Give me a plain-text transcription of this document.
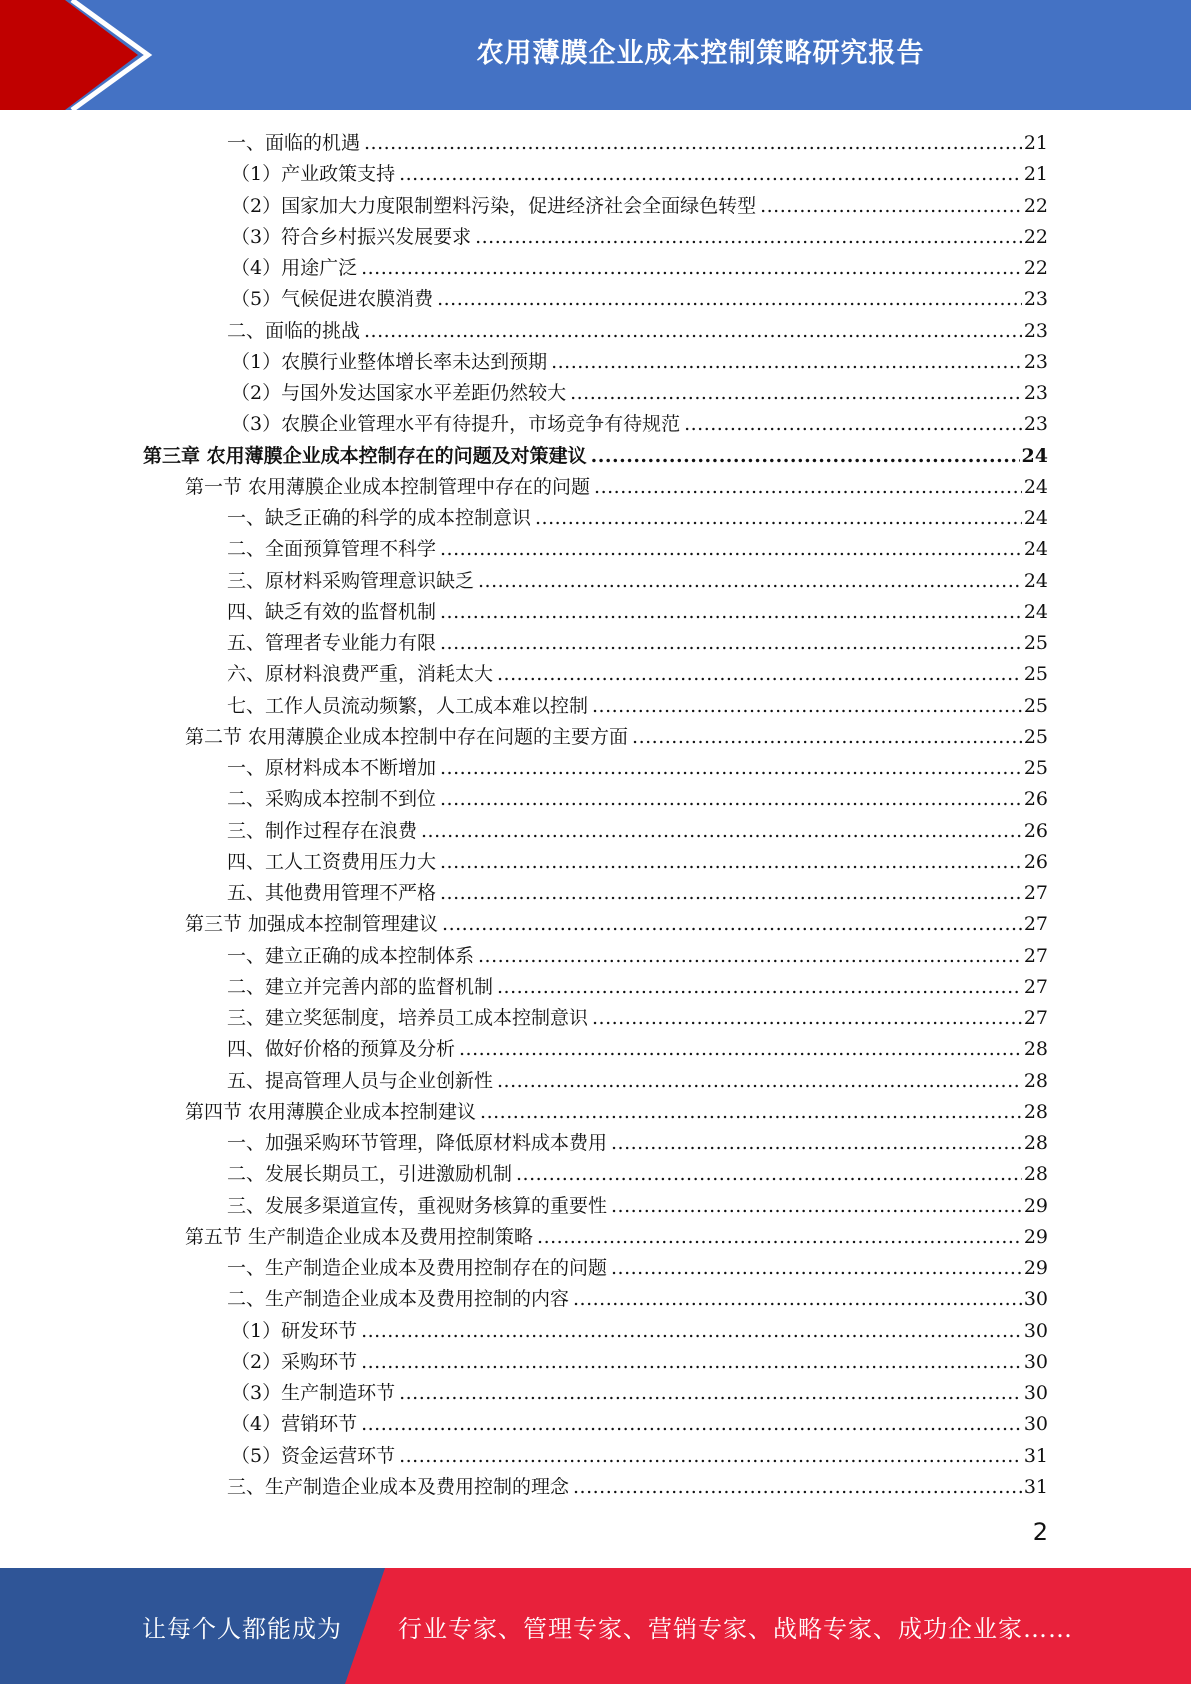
农用薄膜企业成本控制策略研究报告
一、面临的机遇 .....	21
（1）产业政策支持 .....	21
（2）国家加大力度限制塑料污染，促进经济社会全面绿色转型 .....	22
（3）符合乡村振兴发展要求 .....	22
（4）用途广泛 .....	22
（5）气候促进农膜消费 .....	23
二、面临的挑战 .....	23
（1）农膜行业整体增长率未达到预期 .....	23
（2）与国外发达国家水平差距仍然较大 .....	23
（3）农膜企业管理水平有待提升，市场竞争有待规范 .....	23
第三章 农用薄膜企业成本控制存在的问题及对策建议 .....	24
第一节 农用薄膜企业成本控制管理中存在的问题 .....	24
一、缺乏正确的科学的成本控制意识 .....	24
二、全面预算管理不科学 .....	24
三、原材料采购管理意识缺乏 .....	24
四、缺乏有效的监督机制 .....	24
五、管理者专业能力有限 .....	25
六、原材料浪费严重，消耗太大 .....	25
七、工作人员流动频繁，人工成本难以控制 .....	25
第二节 农用薄膜企业成本控制中存在问题的主要方面 .....	25
一、原材料成本不断增加 .....	25
二、采购成本控制不到位 .....	26
三、制作过程存在浪费 .....	26
四、工人工资费用压力大 .....	26
五、其他费用管理不严格 .....	27
第三节 加强成本控制管理建议 .....	27
一、建立正确的成本控制体系 .....	27
二、建立并完善内部的监督机制 .....	27
三、建立奖惩制度，培养员工成本控制意识 .....	27
四、做好价格的预算及分析 .....	28
五、提高管理人员与企业创新性 .....	28
第四节 农用薄膜企业成本控制建议 .....	28
一、加强采购环节管理，降低原材料成本费用 .....	28
二、发展长期员工，引进激励机制 .....	28
三、发展多渠道宣传，重视财务核算的重要性 .....	29
第五节 生产制造企业成本及费用控制策略 .....	29
一、生产制造企业成本及费用控制存在的问题 .....	29
二、生产制造企业成本及费用控制的内容 .....	30
（1）研发环节 .....	30
（2）采购环节 .....	30
（3）生产制造环节 .....	30
（4）营销环节 .....	30
（5）资金运营环节 .....	31
三、生产制造企业成本及费用控制的理念 .....	31
2
让每个人都能成为 行业专家、管理专家、营销专家、战略专家、成功企业家……
